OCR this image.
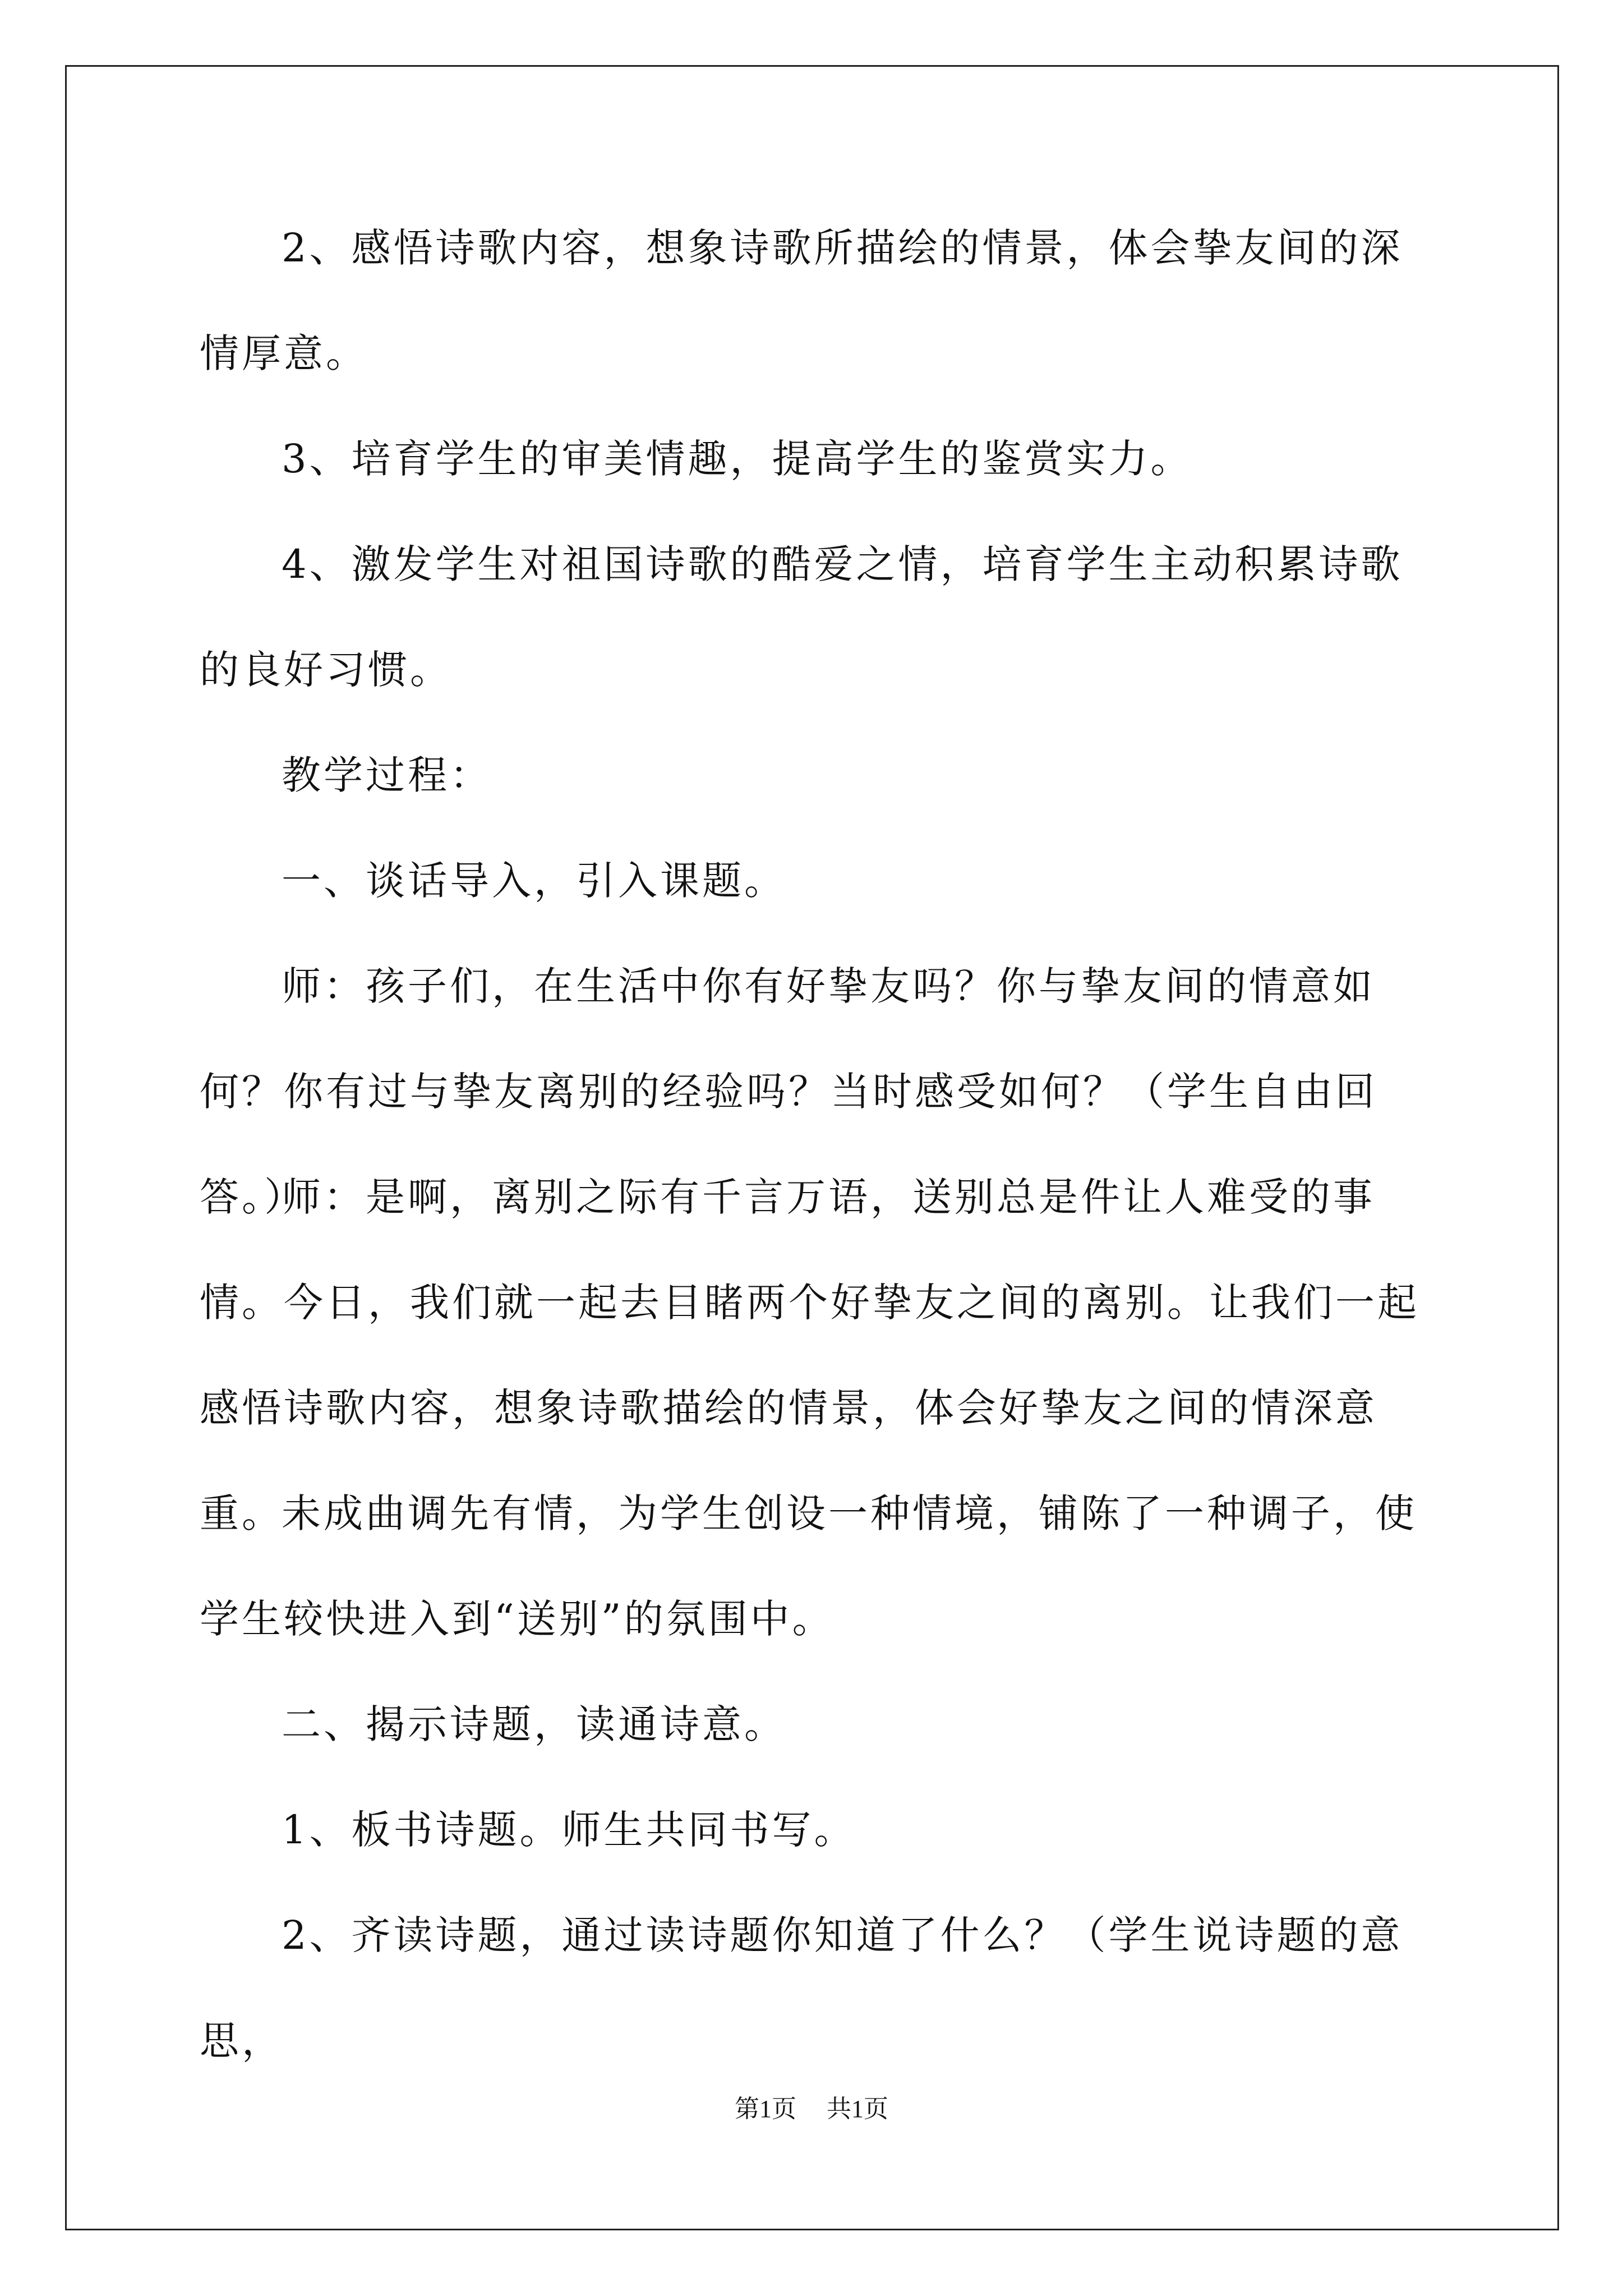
2、感悟诗歌内容，想象诗歌所描绘的情景，体会挚友间的深情厚意。

3、培育学生的审美情趣，提高学生的鉴赏实力。

4、激发学生对祖国诗歌的酷爱之情，培育学生主动积累诗歌的良好习惯。

教学过程：

一、谈话导入，引入课题。

师：孩子们，在生活中你有好挚友吗？你与挚友间的情意如何？你有过与挚友离别的经验吗？当时感受如何？（学生自由回答。）

师：是啊，离别之际有千言万语，送别总是件让人难受的事情。今日，我们就一起去目睹两个好挚友之间的离别。让我们一起感悟诗歌内容，想象诗歌描绘的情景，体会好挚友之间的情深意重。

未成曲调先有情，为学生创设一种情境，铺陈了一种调子，使学生较快进入到“送别”的氛围中。

二、揭示诗题，读通诗意。

1、板书诗题。师生共同书写。

2、齐读诗题，通过读诗题你知道了什么？（学生说诗题的意思，

第1页 共1页
